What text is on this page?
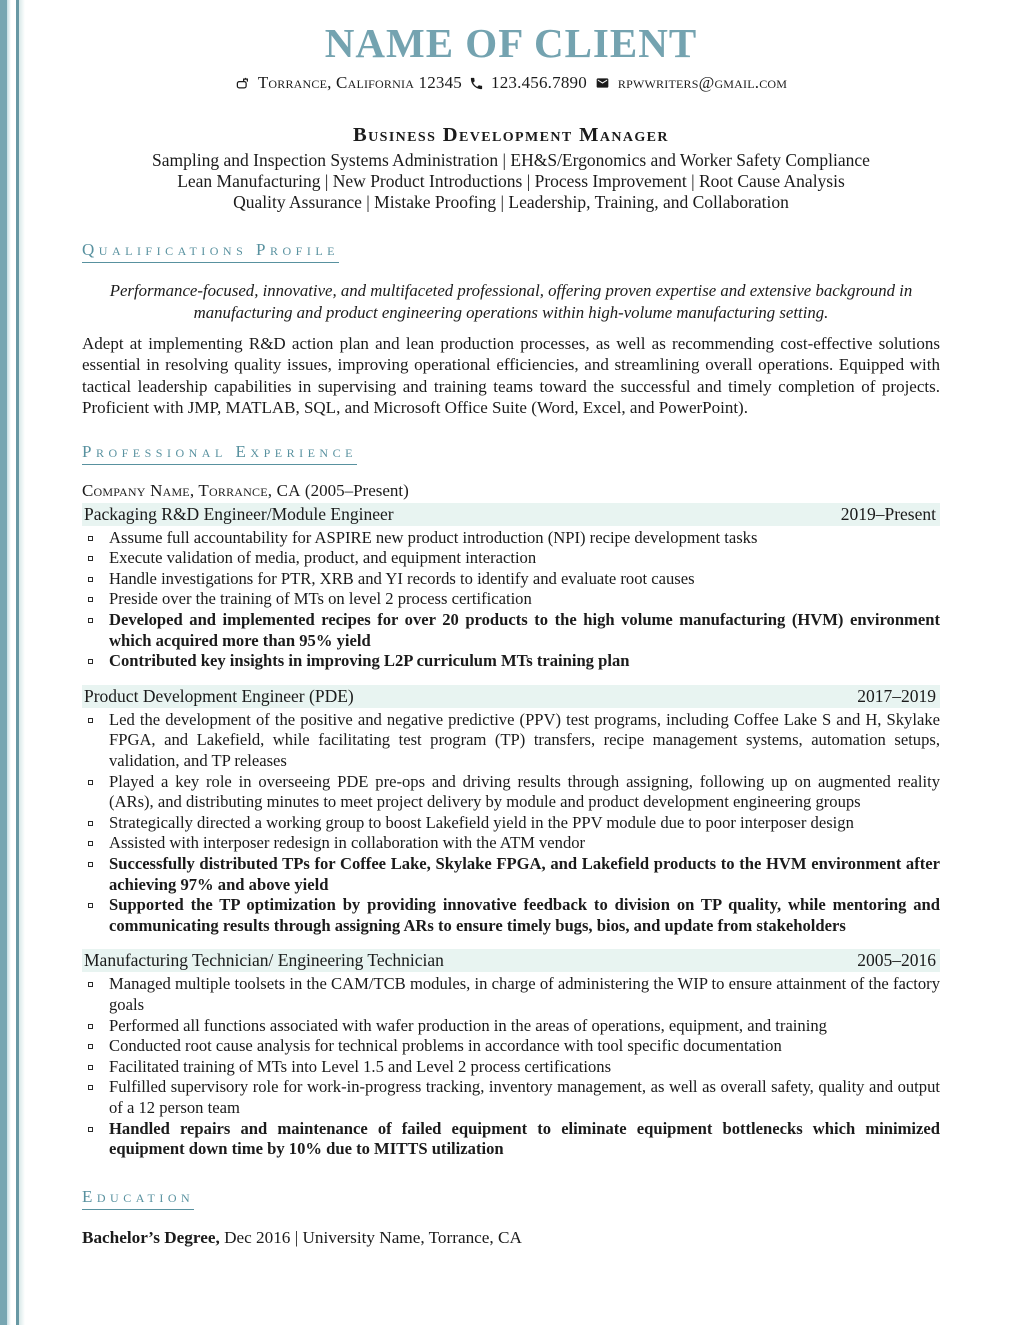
NAME OF CLIENT
Torrance, California 12345 123.456.7890 rpwwriters@gmail.com
Business Development Manager

Sampling and Inspection Systems Administration | EH&S/Ergonomics and Worker Safety Compliance

Lean Manufacturing | New Product Introductions | Process Improvement | Root Cause Analysis

Quality Assurance | Mistake Proofing | Leadership, Training, and Collaboration

Qualifications Profile

Performance-focused, innovative, and multifaceted professional, offering proven expertise and extensive background in manufacturing and product engineering operations within high-volume manufacturing setting.

Adept at implementing R&D action plan and lean production processes, as well as recommending cost-effective solutions essential in resolving quality issues, improving operational efficiencies, and streamlining overall operations. Equipped with tactical leadership capabilities in supervising and training teams toward the successful and timely completion of projects. Proficient with JMP, MATLAB, SQL, and Microsoft Office Suite (Word, Excel, and PowerPoint).

Professional Experience

Company Name, Torrance, CA (2005–Present)

Packaging R&D Engineer/Module Engineer	2019–Present
Assume full accountability for ASPIRE new product introduction (NPI) recipe development tasks
Execute validation of media, product, and equipment interaction
Handle investigations for PTR, XRB and YI records to identify and evaluate root causes
Preside over the training of MTs on level 2 process certification
Developed and implemented recipes for over 20 products to the high volume manufacturing (HVM) environment which acquired more than 95% yield
Contributed key insights in improving L2P curriculum MTs training plan
Product Development Engineer (PDE)	2017–2019
Led the development of the positive and negative predictive (PPV) test programs, including Coffee Lake S and H, Skylake FPGA, and Lakefield, while facilitating test program (TP) transfers, recipe management systems, automation setups, validation, and TP releases
Played a key role in overseeing PDE pre-ops and driving results through assigning, following up on augmented reality (ARs), and distributing minutes to meet project delivery by module and product development engineering groups
Strategically directed a working group to boost Lakefield yield in the PPV module due to poor interposer design
Assisted with interposer redesign in collaboration with the ATM vendor
Successfully distributed TPs for Coffee Lake, Skylake FPGA, and Lakefield products to the HVM environment after achieving 97% and above yield
Supported the TP optimization by providing innovative feedback to division on TP quality, while mentoring and communicating results through assigning ARs to ensure timely bugs, bios, and update from stakeholders
Manufacturing Technician/ Engineering Technician	2005–2016
Managed multiple toolsets in the CAM/TCB modules, in charge of administering the WIP to ensure attainment of the factory goals
Performed all functions associated with wafer production in the areas of operations, equipment, and training
Conducted root cause analysis for technical problems in accordance with tool specific documentation
Facilitated training of MTs into Level 1.5 and Level 2 process certifications
Fulfilled supervisory role for work-in-progress tracking, inventory management, as well as overall safety, quality and output of a 12 person team
Handled repairs and maintenance of failed equipment to eliminate equipment bottlenecks which minimized equipment down time by 10% due to MITTS utilization
Education

Bachelor’s Degree, Dec 2016 | University Name, Torrance, CA
